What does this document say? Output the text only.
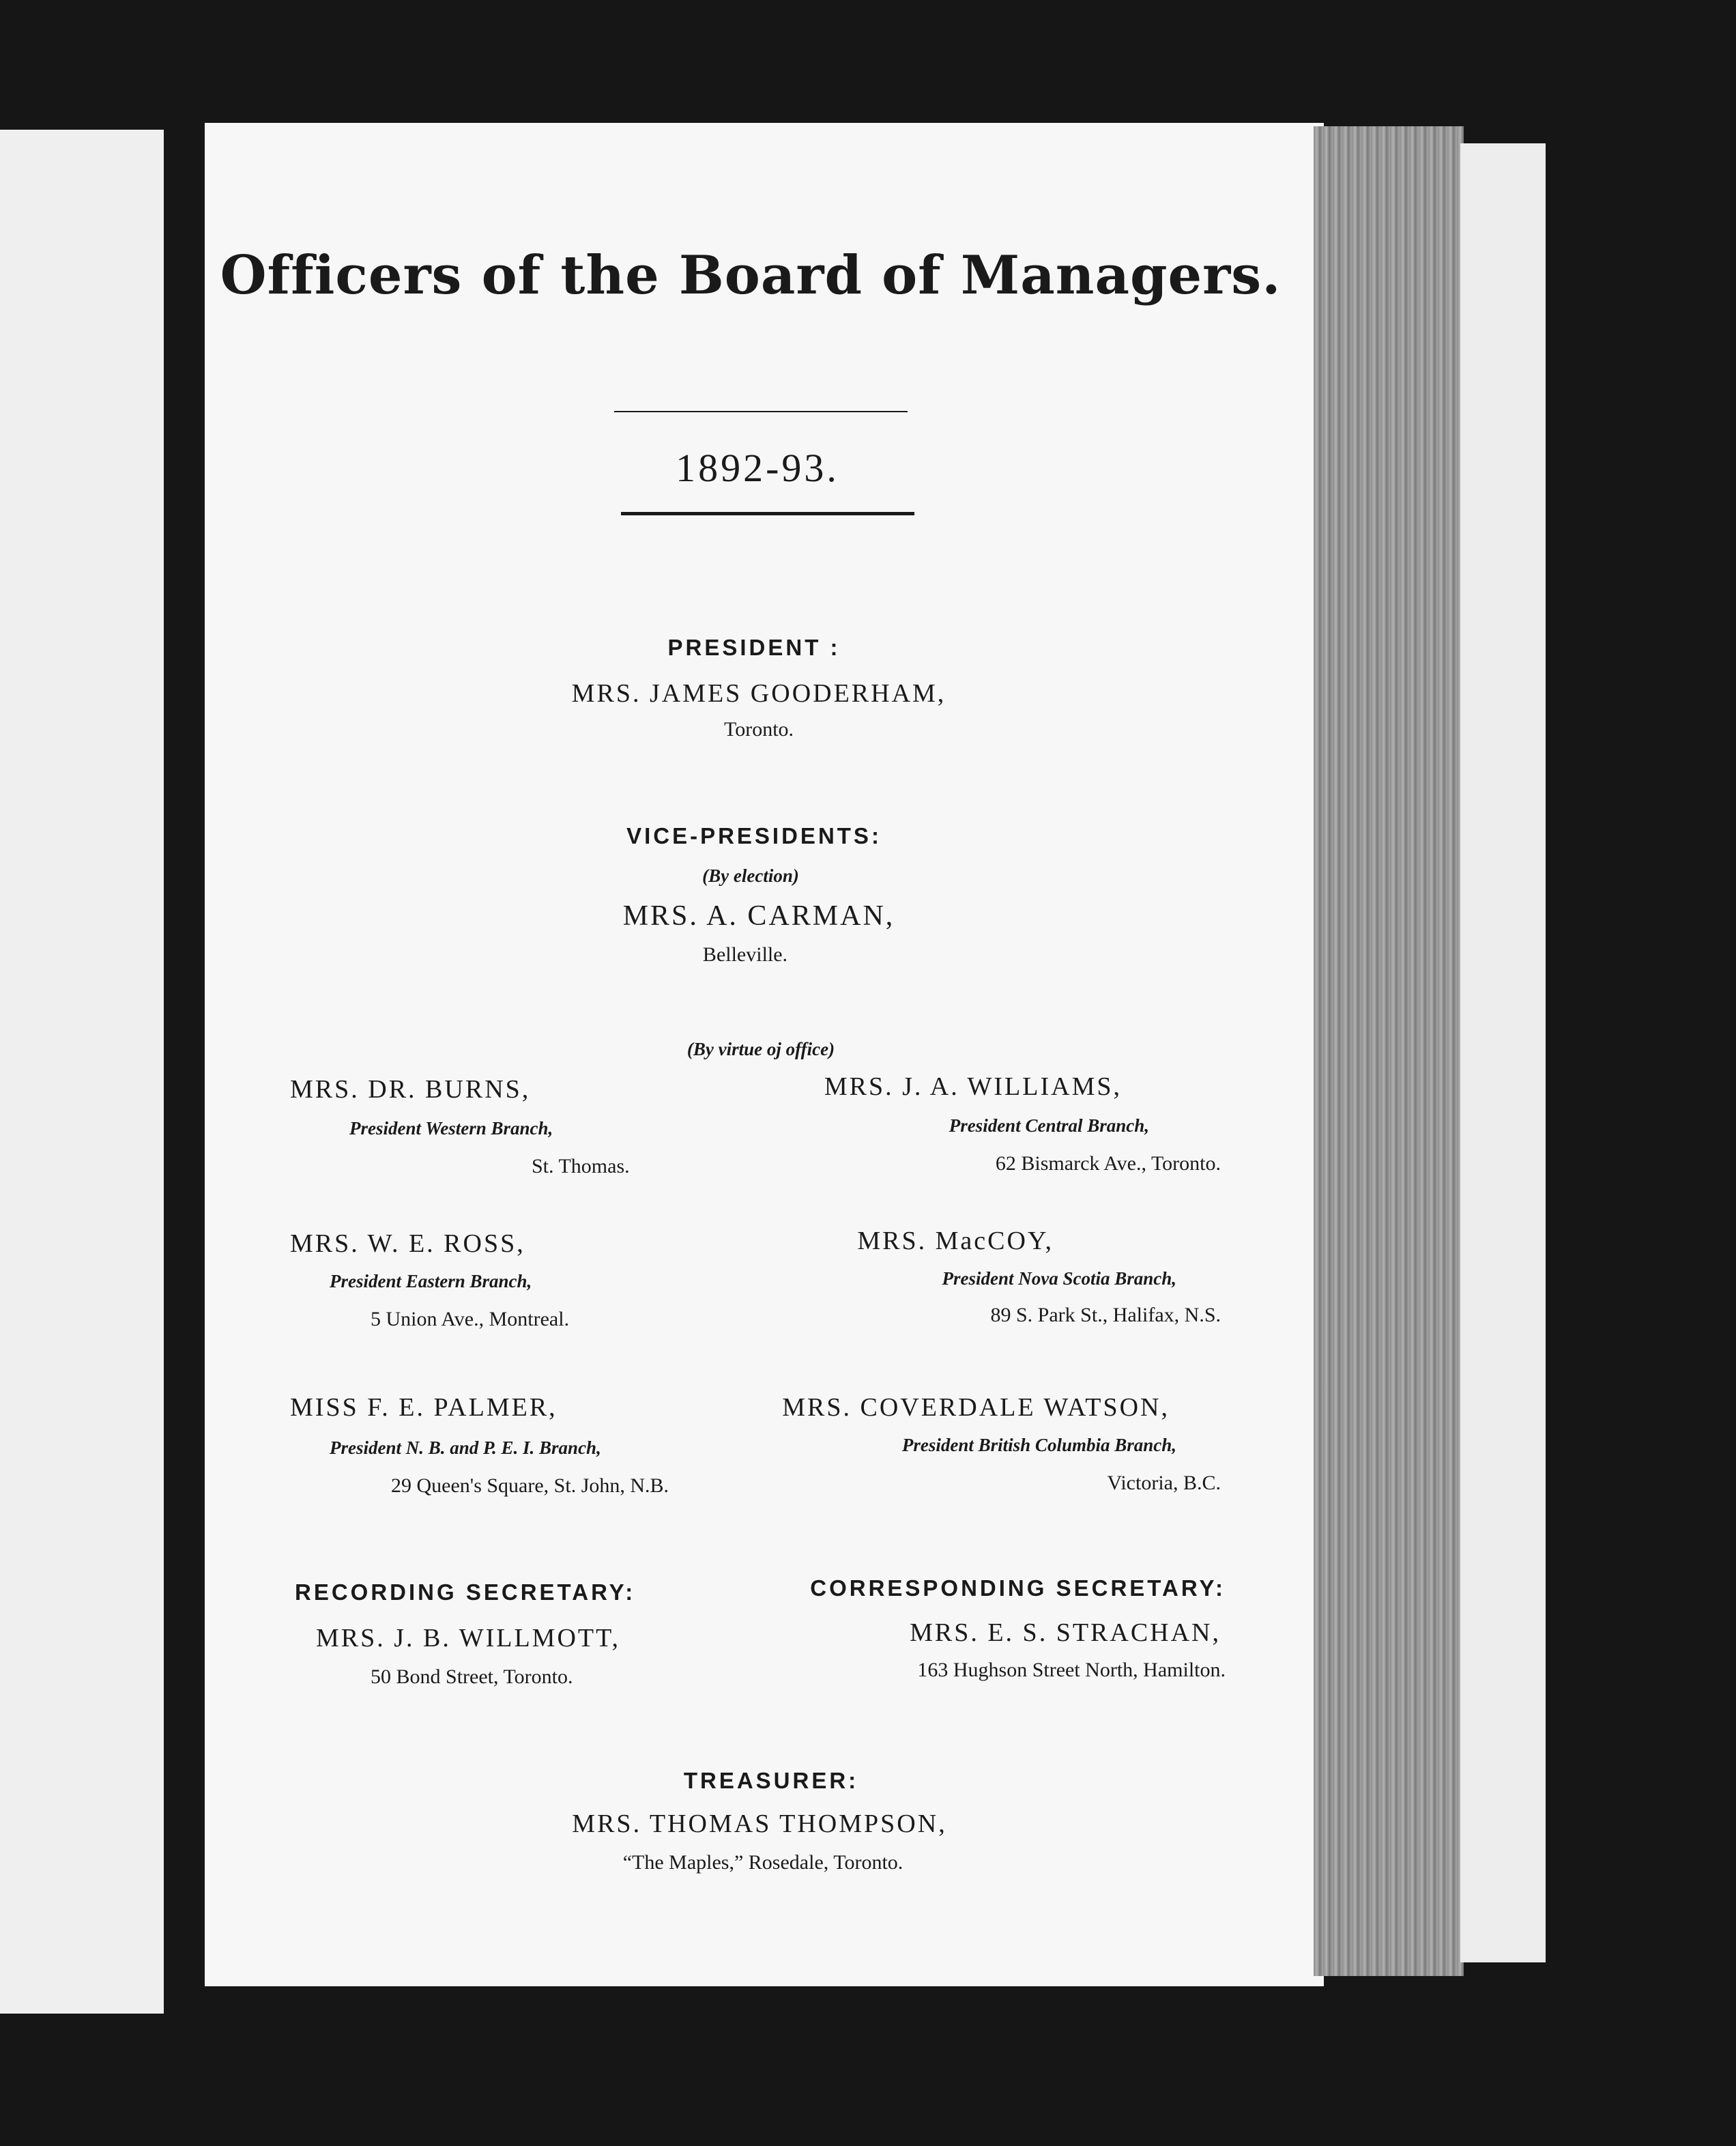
Officers of the Board of Managers.
1892-93.
PRESIDENT :
MRS. JAMES GOODERHAM,
Toronto.
VICE-PRESIDENTS:
(By election)
MRS. A. CARMAN,
Belleville.
(By virtue oj office)
MRS. DR. BURNS,
President Western Branch,
St. Thomas.
MRS. W. E. ROSS,
President Eastern Branch,
5 Union Ave., Montreal.
MISS F. E. PALMER,
President N. B. and P. E. I. Branch,
29 Queen's Square, St. John, N.B.
MRS. J. A. WILLIAMS,
President Central Branch,
62 Bismarck Ave., Toronto.
MRS. MacCOY,
President Nova Scotia Branch,
89 S. Park St., Halifax, N.S.
MRS. COVERDALE WATSON,
President British Columbia Branch,
Victoria, B.C.
RECORDING SECRETARY:
MRS. J. B. WILLMOTT,
50 Bond Street, Toronto.
CORRESPONDING SECRETARY:
MRS. E. S. STRACHAN,
163 Hughson Street North, Hamilton.
TREASURER:
MRS. THOMAS THOMPSON,
“The Maples,” Rosedale, Toronto.
